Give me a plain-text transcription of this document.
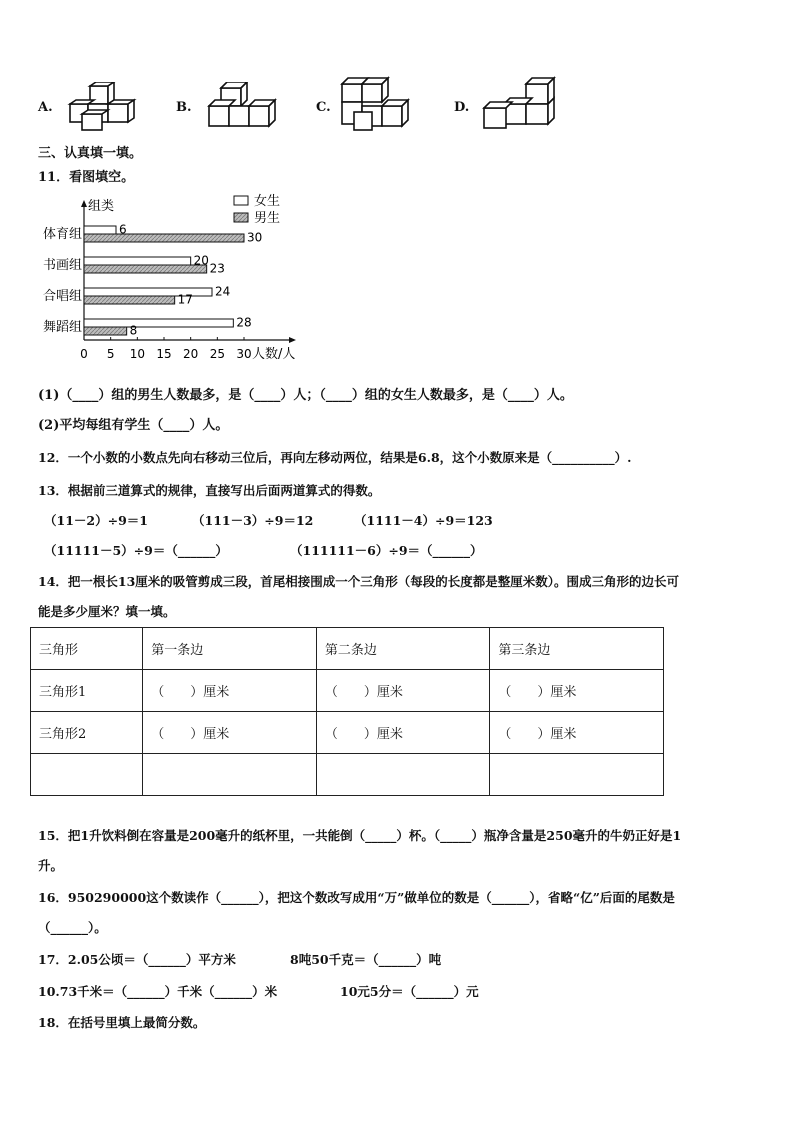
A.	B.	C.	D.
三、认真填一填。
11．看图填空。
组类
人数/人
0 5 10 15 20 25 30
女生
男生
体育组	6
30
书画组	20
23
合唱组	24
17
舞蹈组	28
8
(1)（____）组的男生人数最多，是（____）人；（____）组的女生人数最多，是（____）人。
(2)平均每组有学生（____）人。
12．一个小数的小数点先向右移动三位后，再向左移动两位，结果是6.8，这个小数原来是（__________）.
13．根据前三道算式的规律，直接写出后面两道算式的得数。
（11－2）÷9＝1	（111－3）÷9＝12	（1111－4）÷9＝123
（11111－5）÷9＝（______）	（111111－6）÷9＝（______）
14．把一根长13厘米的吸管剪成三段，首尾相接围成一个三角形（每段的长度都是整厘米数）。围成三角形的边长可
能是多少厘米？填一填。
三角形	第一条边	第二条边	第三条边
三角形1	（　　）厘米	（　　）厘米	（　　）厘米
三角形2	（　　）厘米	（　　）厘米	（　　）厘米

15．把1升饮料倒在容量是200毫升的纸杯里，一共能倒（_____）杯。（_____）瓶净含量是250毫升的牛奶正好是1
升。
16．950290000这个数读作（______），把这个数改写成用“万”做单位的数是（______），省略“亿”后面的尾数是
（______）。
17．2.05公顷＝（______）平方米	8吨50千克＝（______）吨
10.73千米＝（______）千米（______）米	10元5分＝（______）元
18．在括号里填上最简分数。
